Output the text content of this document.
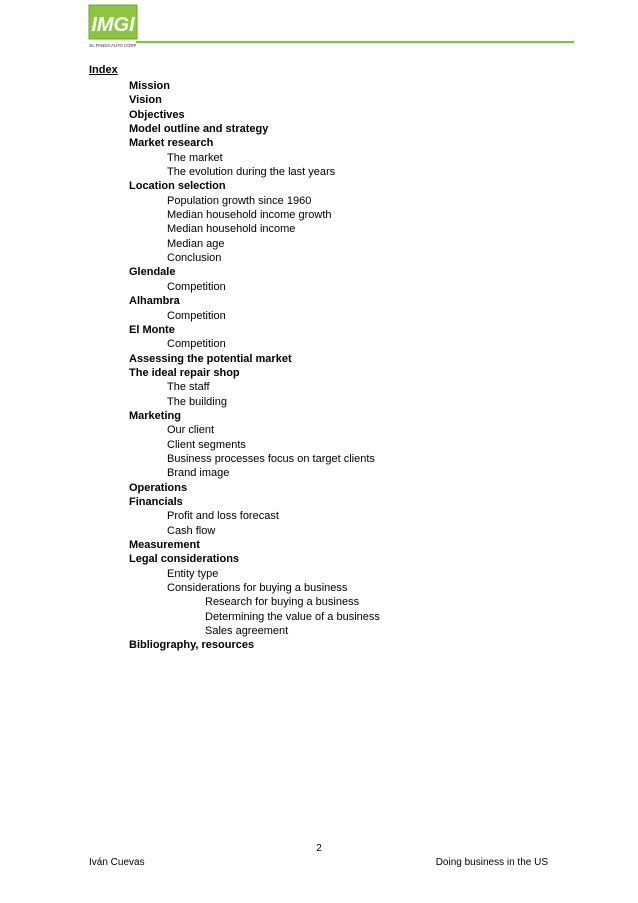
IMGI
EL PANDA AUTO CORP
Index
Mission
Vision
Objectives
Model outline and strategy
Market research
The market
The evolution during the last years
Location selection
Population growth since 1960
Median household income growth
Median household income
Median age
Conclusion
Glendale
Competition
Alhambra
Competition
El Monte
Competition
Assessing the potential market
The ideal repair shop
The staff
The building
Marketing
Our client
Client segments
Business processes focus on target clients
Brand image
Operations
Financials
Profit and loss forecast
Cash flow
Measurement
Legal considerations
Entity type
Considerations for buying a business
Research for buying a business
Determining the value of a business
Sales agreement
Bibliography, resources
2
Iván Cuevas	Doing business in the US
